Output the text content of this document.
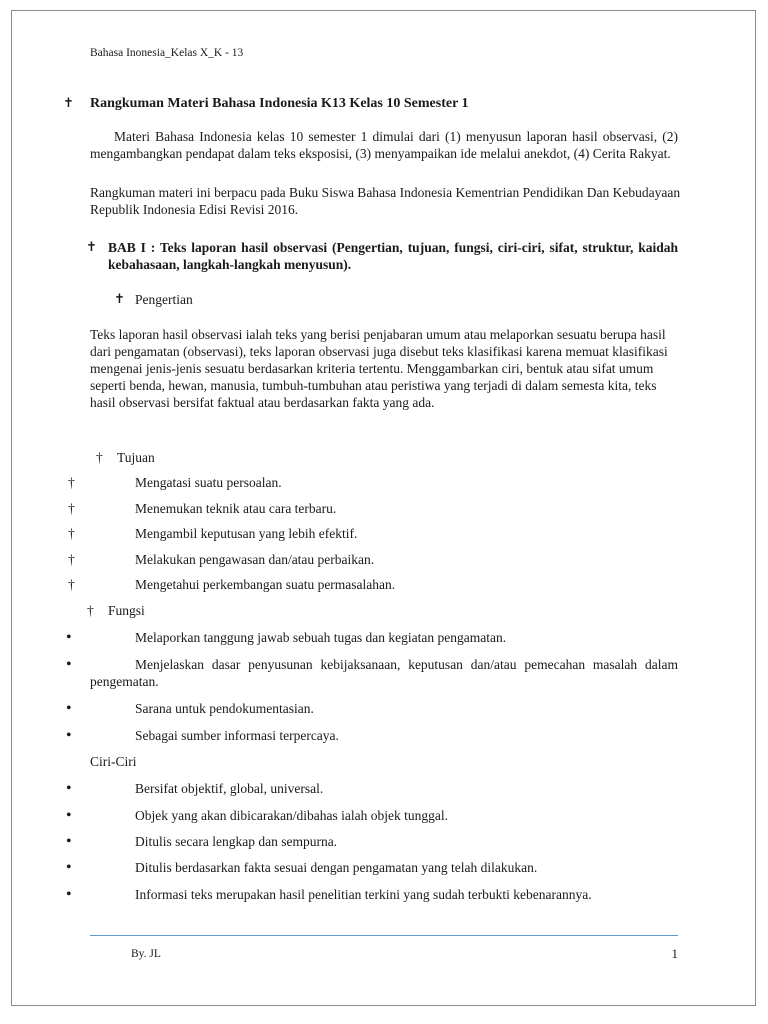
Bahasa Inonesia_Kelas X_K - 13
✝ Rangkuman Materi Bahasa Indonesia K13 Kelas 10 Semester 1
Materi Bahasa Indonesia kelas 10 semester 1 dimulai dari (1) menyusun laporan hasil observasi, (2) mengambangkan pendapat dalam teks eksposisi, (3) menyampaikan ide melalui anekdot, (4) Cerita Rakyat.
Rangkuman materi ini berpacu pada Buku Siswa Bahasa Indonesia Kementrian Pendidikan Dan Kebudayaan Republik Indonesia Edisi Revisi 2016.
✝ BAB I : Teks laporan hasil observasi (Pengertian, tujuan, fungsi, ciri-ciri, sifat, struktur, kaidah kebahasaan, langkah-langkah menyusun).
✝ Pengertian
Teks laporan hasil observasi ialah teks yang berisi penjabaran umum atau melaporkan sesuatu berupa hasil dari pengamatan (observasi), teks laporan observasi juga disebut teks klasifikasi karena memuat klasifikasi mengenai jenis-jenis sesuatu berdasarkan kriteria tertentu. Menggambarkan ciri, bentuk atau sifat umum seperti benda, hewan, manusia, tumbuh-tumbuhan atau peristiwa yang terjadi di dalam semesta kita, teks hasil observasi bersifat faktual atau berdasarkan fakta yang ada.
† Tujuan
†	Mengatasi suatu persoalan.
†	Menemukan teknik atau cara terbaru.
†	Mengambil keputusan yang lebih efektif.
†	Melakukan pengawasan dan/atau perbaikan.
†	Mengetahui perkembangan suatu permasalahan.
† Fungsi
•	Melaporkan tanggung jawab sebuah tugas dan kegiatan pengamatan.
•	Menjelaskan dasar penyusunan kebijaksanaan, keputusan dan/atau pemecahan masalah dalam pengematan.
•	Sarana untuk pendokumentasian.
•	Sebagai sumber informasi terpercaya.
Ciri-Ciri
•	Bersifat objektif, global, universal.
•	Objek yang akan dibicarakan/dibahas ialah objek tunggal.
•	Ditulis secara lengkap dan sempurna.
•	Ditulis berdasarkan fakta sesuai dengan pengamatan yang telah dilakukan.
•	Informasi teks merupakan hasil penelitian terkini yang sudah terbukti kebenarannya.
By. JL	1
